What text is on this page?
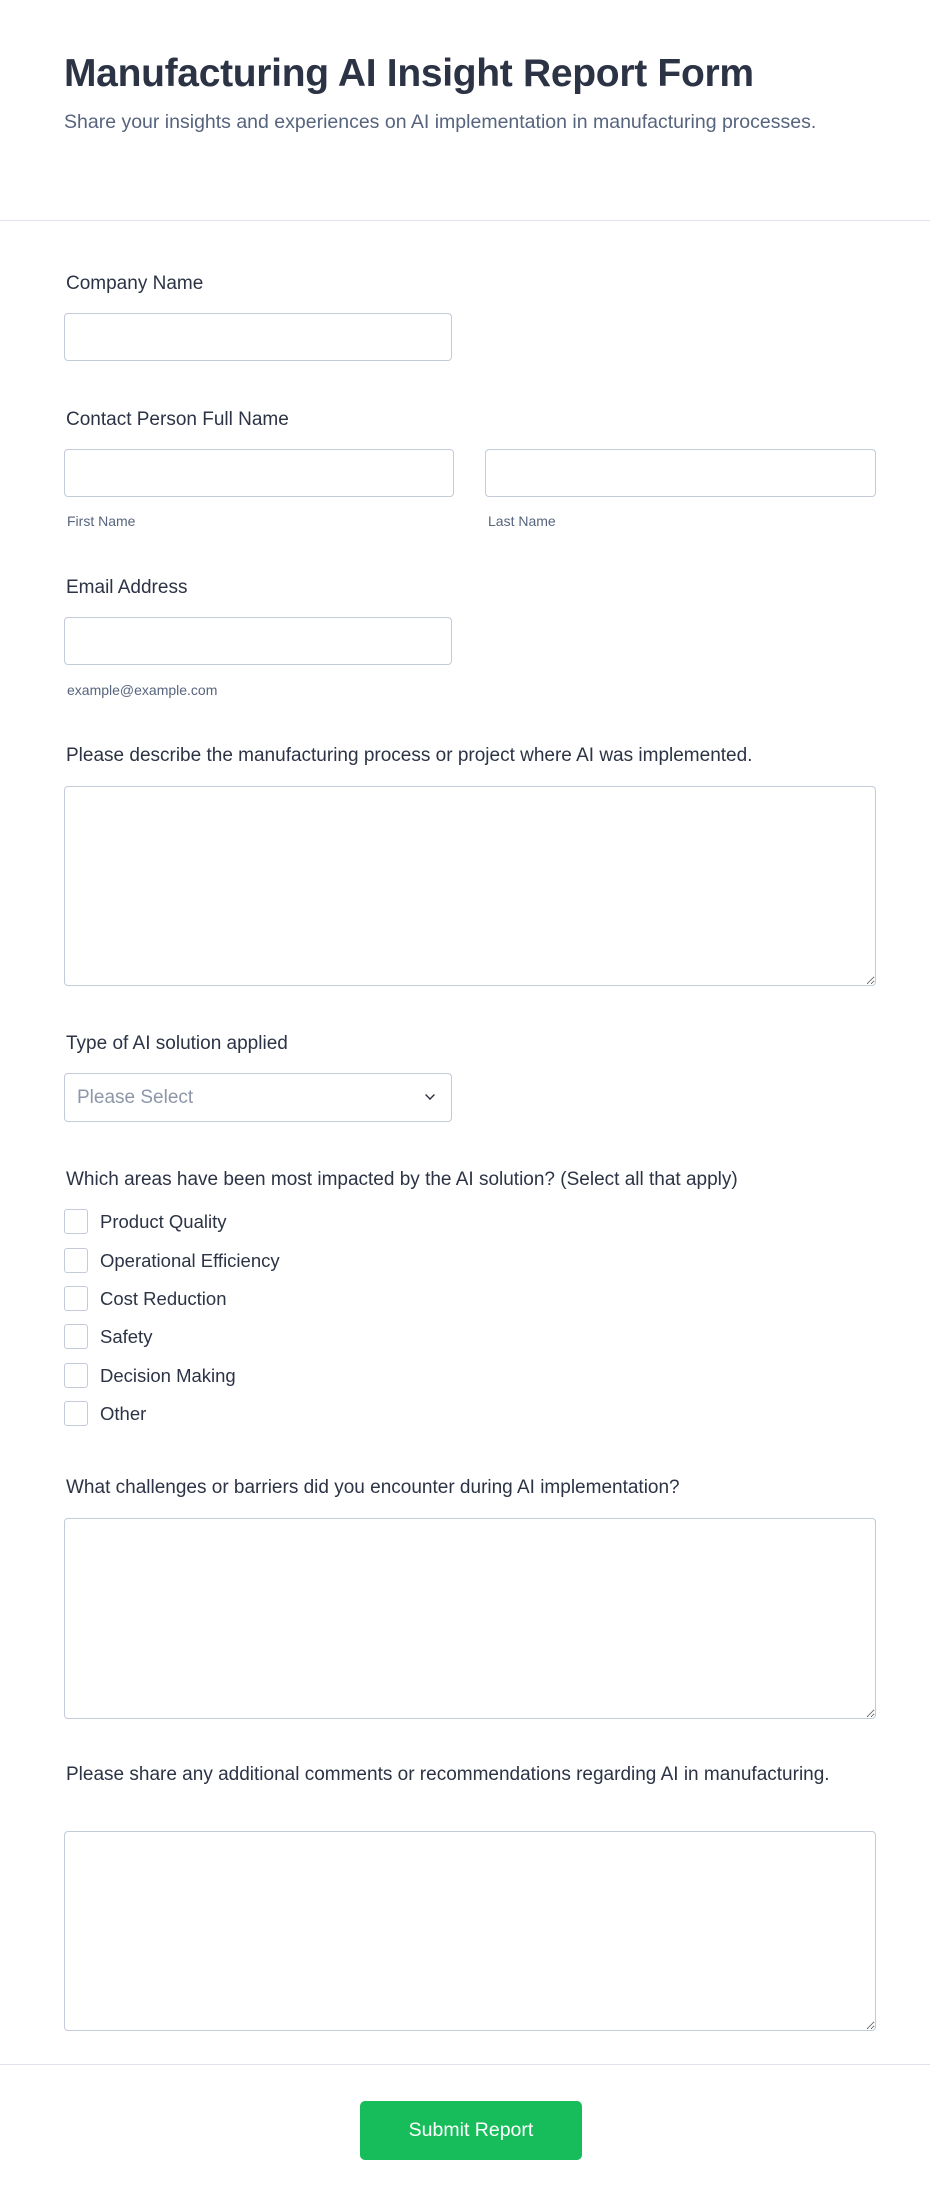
Manufacturing AI Insight Report Form

Share your insights and experiences on AI implementation in manufacturing processes.

Company Name
Contact Person Full Name
First Name	Last Name
Email Address
example@example.com
Please describe the manufacturing process or project where AI was implemented.
Type of AI solution applied
Please Select
Which areas have been most impacted by the AI solution? (Select all that apply)
Product Quality
Operational Efficiency
Cost Reduction
Safety
Decision Making
Other
What challenges or barriers did you encounter during AI implementation?
Please share any additional comments or recommendations regarding AI in manufacturing.
Submit Report
